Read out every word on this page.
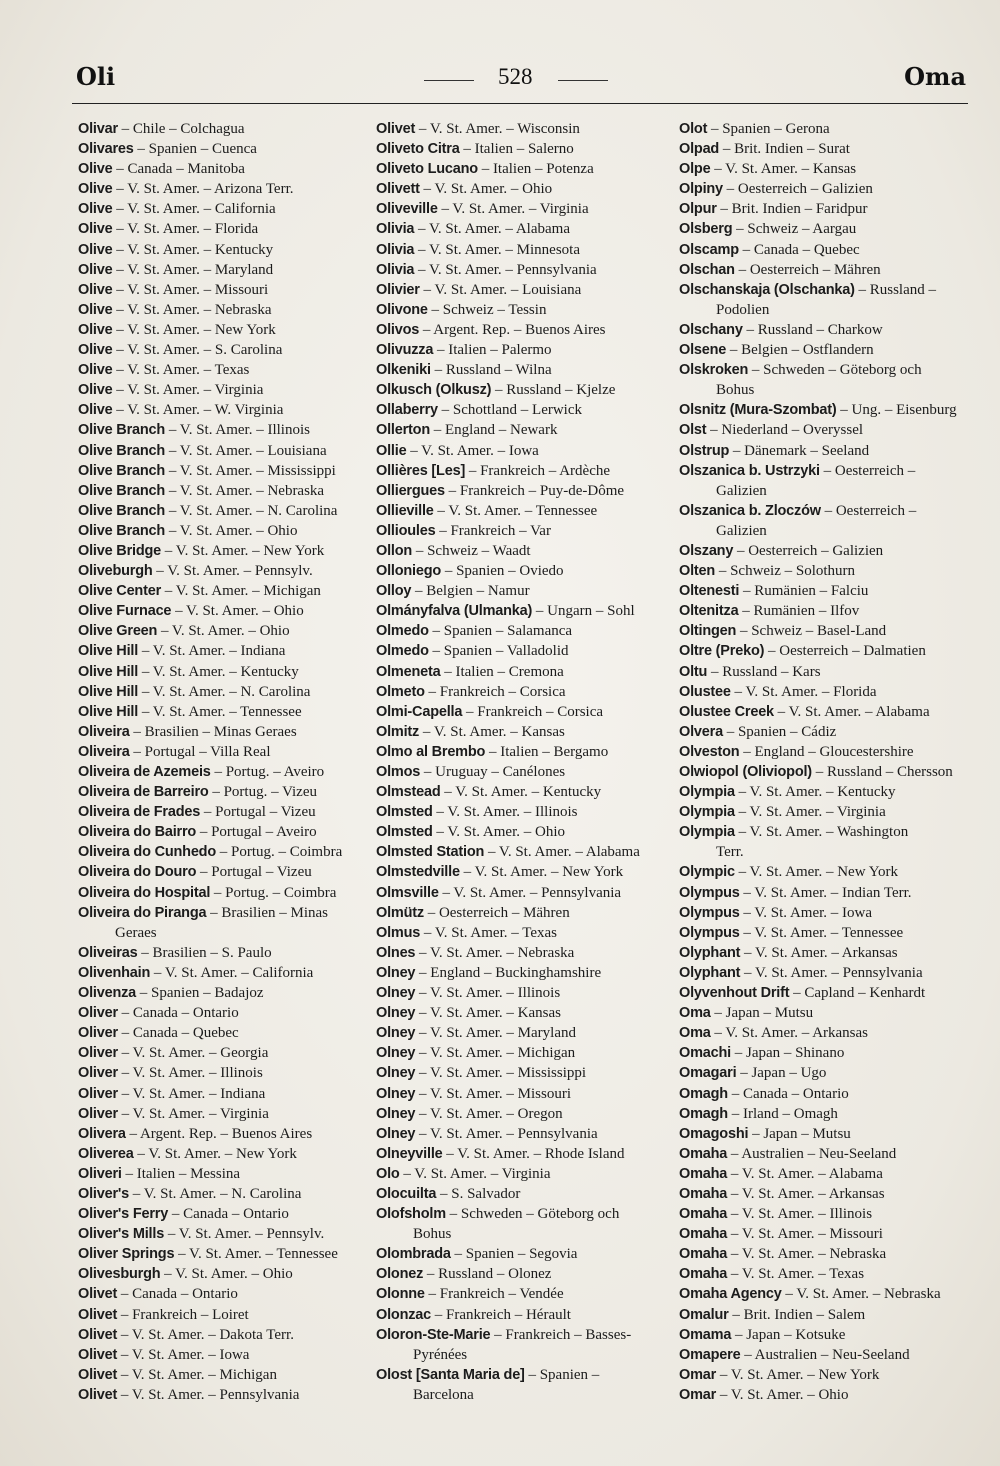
Oli	528	Oma
Olivar – Chile – Colchagua
Olivares – Spanien – Cuenca
Olive – Canada – Manitoba
Olive – V. St. Amer. – Arizona Terr.
Olive – V. St. Amer. – California
Olive – V. St. Amer. – Florida
Olive – V. St. Amer. – Kentucky
Olive – V. St. Amer. – Maryland
Olive – V. St. Amer. – Missouri
Olive – V. St. Amer. – Nebraska
Olive – V. St. Amer. – New York
Olive – V. St. Amer. – S. Carolina
Olive – V. St. Amer. – Texas
Olive – V. St. Amer. – Virginia
Olive – V. St. Amer. – W. Virginia
Olive Branch – V. St. Amer. – Illinois
Olive Branch – V. St. Amer. – Louisiana
Olive Branch – V. St. Amer. – Mississippi
Olive Branch – V. St. Amer. – Nebraska
Olive Branch – V. St. Amer. – N. Carolina
Olive Branch – V. St. Amer. – Ohio
Olive Bridge – V. St. Amer. – New York
Oliveburgh – V. St. Amer. – Pennsylv.
Olive Center – V. St. Amer. – Michigan
Olive Furnace – V. St. Amer. – Ohio
Olive Green – V. St. Amer. – Ohio
Olive Hill – V. St. Amer. – Indiana
Olive Hill – V. St. Amer. – Kentucky
Olive Hill – V. St. Amer. – N. Carolina
Olive Hill – V. St. Amer. – Tennessee
Oliveira – Brasilien – Minas Geraes
Oliveira – Portugal – Villa Real
Oliveira de Azemeis – Portug. – Aveiro
Oliveira de Barreiro – Portug. – Vizeu
Oliveira de Frades – Portugal – Vizeu
Oliveira do Bairro – Portugal – Aveiro
Oliveira do Cunhedo – Portug. – Coimbra
Oliveira do Douro – Portugal – Vizeu
Oliveira do Hospital – Portug. – Coimbra
Oliveira do Piranga – Brasilien – Minas
Geraes
Oliveiras – Brasilien – S. Paulo
Olivenhain – V. St. Amer. – California
Olivenza – Spanien – Badajoz
Oliver – Canada – Ontario
Oliver – Canada – Quebec
Oliver – V. St. Amer. – Georgia
Oliver – V. St. Amer. – Illinois
Oliver – V. St. Amer. – Indiana
Oliver – V. St. Amer. – Virginia
Olivera – Argent. Rep. – Buenos Aires
Oliverea – V. St. Amer. – New York
Oliveri – Italien – Messina
Oliver's – V. St. Amer. – N. Carolina
Oliver's Ferry – Canada – Ontario
Oliver's Mills – V. St. Amer. – Pennsylv.
Oliver Springs – V. St. Amer. – Tennessee
Olivesburgh – V. St. Amer. – Ohio
Olivet – Canada – Ontario
Olivet – Frankreich – Loiret
Olivet – V. St. Amer. – Dakota Terr.
Olivet – V. St. Amer. – Iowa
Olivet – V. St. Amer. – Michigan
Olivet – V. St. Amer. – Pennsylvania
Olivet – V. St. Amer. – Wisconsin
Oliveto Citra – Italien – Salerno
Oliveto Lucano – Italien – Potenza
Olivett – V. St. Amer. – Ohio
Oliveville – V. St. Amer. – Virginia
Olivia – V. St. Amer. – Alabama
Olivia – V. St. Amer. – Minnesota
Olivia – V. St. Amer. – Pennsylvania
Olivier – V. St. Amer. – Louisiana
Olivone – Schweiz – Tessin
Olivos – Argent. Rep. – Buenos Aires
Olivuzza – Italien – Palermo
Olkeniki – Russland – Wilna
Olkusch (Olkusz) – Russland – Kjelze
Ollaberry – Schottland – Lerwick
Ollerton – England – Newark
Ollie – V. St. Amer. – Iowa
Ollières [Les] – Frankreich – Ardèche
Olliergues – Frankreich – Puy-de-Dôme
Ollieville – V. St. Amer. – Tennessee
Ollioules – Frankreich – Var
Ollon – Schweiz – Waadt
Olloniego – Spanien – Oviedo
Olloy – Belgien – Namur
Olmányfalva (Ulmanka) – Ungarn – Sohl
Olmedo – Spanien – Salamanca
Olmedo – Spanien – Valladolid
Olmeneta – Italien – Cremona
Olmeto – Frankreich – Corsica
Olmi-Capella – Frankreich – Corsica
Olmitz – V. St. Amer. – Kansas
Olmo al Brembo – Italien – Bergamo
Olmos – Uruguay – Canélones
Olmstead – V. St. Amer. – Kentucky
Olmsted – V. St. Amer. – Illinois
Olmsted – V. St. Amer. – Ohio
Olmsted Station – V. St. Amer. – Alabama
Olmstedville – V. St. Amer. – New York
Olmsville – V. St. Amer. – Pennsylvania
Olmütz – Oesterreich – Mähren
Olmus – V. St. Amer. – Texas
Olnes – V. St. Amer. – Nebraska
Olney – England – Buckinghamshire
Olney – V. St. Amer. – Illinois
Olney – V. St. Amer. – Kansas
Olney – V. St. Amer. – Maryland
Olney – V. St. Amer. – Michigan
Olney – V. St. Amer. – Mississippi
Olney – V. St. Amer. – Missouri
Olney – V. St. Amer. – Oregon
Olney – V. St. Amer. – Pennsylvania
Olneyville – V. St. Amer. – Rhode Island
Olo – V. St. Amer. – Virginia
Olocuilta – S. Salvador
Olofsholm – Schweden – Göteborg och
Bohus
Olombrada – Spanien – Segovia
Olonez – Russland – Olonez
Olonne – Frankreich – Vendée
Olonzac – Frankreich – Hérault
Oloron-Ste-Marie – Frankreich – Basses-
Pyrénées
Olost [Santa Maria de] – Spanien –
Barcelona
Olot – Spanien – Gerona
Olpad – Brit. Indien – Surat
Olpe – V. St. Amer. – Kansas
Olpiny – Oesterreich – Galizien
Olpur – Brit. Indien – Faridpur
Olsberg – Schweiz – Aargau
Olscamp – Canada – Quebec
Olschan – Oesterreich – Mähren
Olschanskaja (Olschanka) – Russland –
Podolien
Olschany – Russland – Charkow
Olsene – Belgien – Ostflandern
Olskroken – Schweden – Göteborg och
Bohus
Olsnitz (Mura-Szombat) – Ung. – Eisenburg
Olst – Niederland – Overyssel
Olstrup – Dänemark – Seeland
Olszanica b. Ustrzyki – Oesterreich –
Galizien
Olszanica b. Zloczów – Oesterreich –
Galizien
Olszany – Oesterreich – Galizien
Olten – Schweiz – Solothurn
Oltenesti – Rumänien – Falciu
Oltenitza – Rumänien – Ilfov
Oltingen – Schweiz – Basel-Land
Oltre (Preko) – Oesterreich – Dalmatien
Oltu – Russland – Kars
Olustee – V. St. Amer. – Florida
Olustee Creek – V. St. Amer. – Alabama
Olvera – Spanien – Cádiz
Olveston – England – Gloucestershire
Olwiopol (Oliviopol) – Russland – Chersson
Olympia – V. St. Amer. – Kentucky
Olympia – V. St. Amer. – Virginia
Olympia – V. St. Amer. – Washington
Terr.
Olympic – V. St. Amer. – New York
Olympus – V. St. Amer. – Indian Terr.
Olympus – V. St. Amer. – Iowa
Olympus – V. St. Amer. – Tennessee
Olyphant – V. St. Amer. – Arkansas
Olyphant – V. St. Amer. – Pennsylvania
Olyvenhout Drift – Capland – Kenhardt
Oma – Japan – Mutsu
Oma – V. St. Amer. – Arkansas
Omachi – Japan – Shinano
Omagari – Japan – Ugo
Omagh – Canada – Ontario
Omagh – Irland – Omagh
Omagoshi – Japan – Mutsu
Omaha – Australien – Neu-Seeland
Omaha – V. St. Amer. – Alabama
Omaha – V. St. Amer. – Arkansas
Omaha – V. St. Amer. – Illinois
Omaha – V. St. Amer. – Missouri
Omaha – V. St. Amer. – Nebraska
Omaha – V. St. Amer. – Texas
Omaha Agency – V. St. Amer. – Nebraska
Omalur – Brit. Indien – Salem
Omama – Japan – Kotsuke
Omapere – Australien – Neu-Seeland
Omar – V. St. Amer. – New York
Omar – V. St. Amer. – Ohio
